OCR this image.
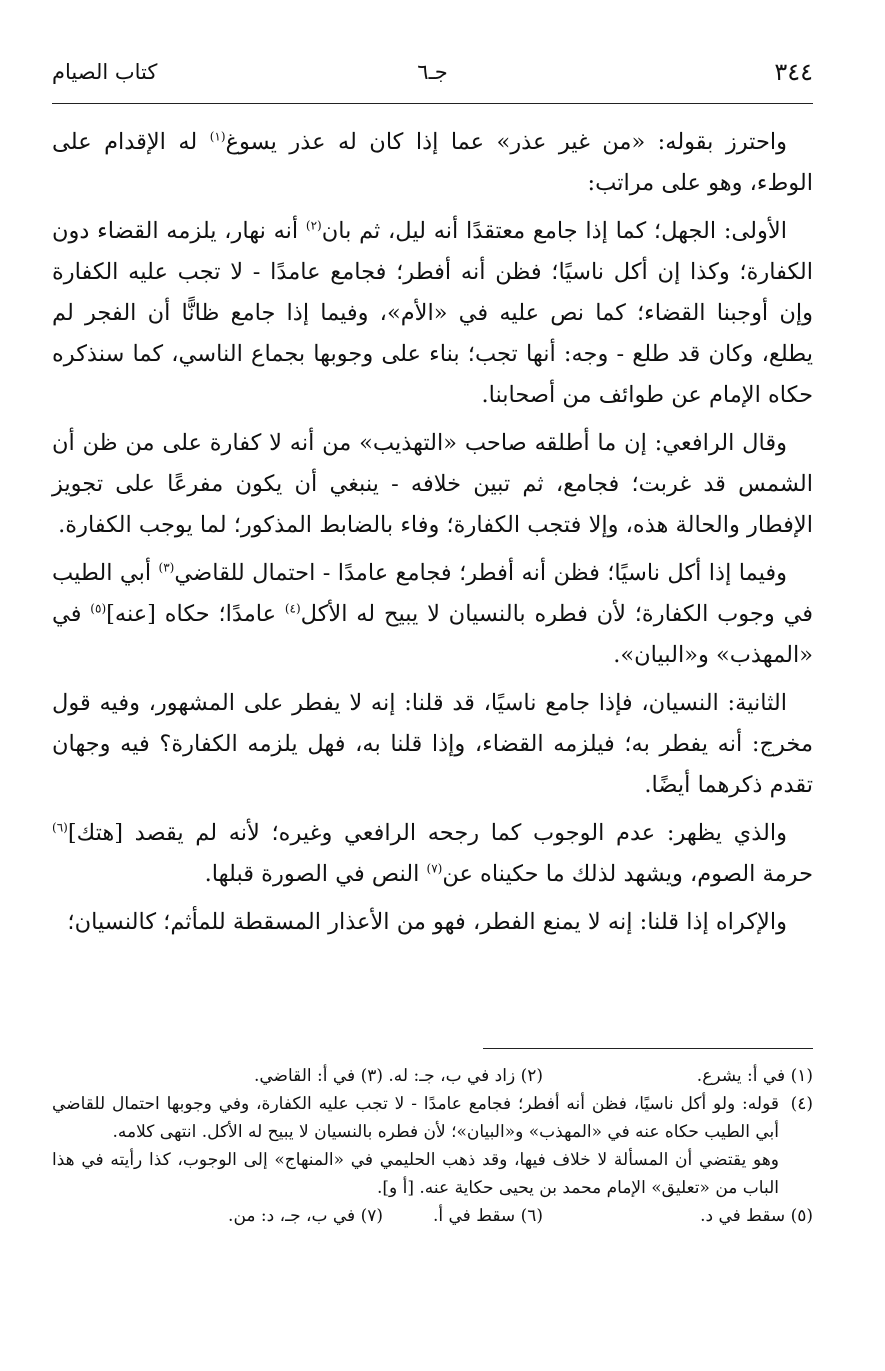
٣٤٤
جـ٦
كتاب الصيام

واحترز بقوله: «من غير عذر» عما إذا كان له عذر يسوغ$^{(١)}$ له الإقدام على الوطء، وهو على مراتب:

الأولى: الجهل؛ كما إذا جامع معتقدًا أنه ليل، ثم بان$^{(٢)}$ أنه نهار، يلزمه القضاء دون الكفارة؛ وكذا إن أكل ناسيًا؛ فظن أنه أفطر؛ فجامع عامدًا - لا تجب عليه الكفارة وإن أوجبنا القضاء؛ كما نص عليه في «الأم»، وفيما إذا جامع ظانًّا أن الفجر لم يطلع، وكان قد طلع - وجه: أنها تجب؛ بناء على وجوبها بجماع الناسي، كما سنذكره حكاه الإمام عن طوائف من أصحابنا.

وقال الرافعي: إن ما أطلقه صاحب «التهذيب» من أنه لا كفارة على من ظن أن الشمس قد غربت؛ فجامع، ثم تبين خلافه - ينبغي أن يكون مفرعًا على تجويز الإفطار والحالة هذه، وإلا فتجب الكفارة؛ وفاء بالضابط المذكور؛ لما يوجب الكفارة.

وفيما إذا أكل ناسيًا؛ فظن أنه أفطر؛ فجامع عامدًا - احتمال للقاضي$^{(٣)}$ أبي الطيب في وجوب الكفارة؛ لأن فطره بالنسيان لا يبيح له الأكل$^{(٤)}$ عامدًا؛ حكاه [عنه]$^{(٥)}$ في «المهذب» و«البيان».

الثانية: النسيان، فإذا جامع ناسيًا، قد قلنا: إنه لا يفطر على المشهور، وفيه قول مخرج: أنه يفطر به؛ فيلزمه القضاء، وإذا قلنا به، فهل يلزمه الكفارة؟ فيه وجهان تقدم ذكرهما أيضًا.

والذي يظهر: عدم الوجوب كما رجحه الرافعي وغيره؛ لأنه لم يقصد [هتك]$^{(٦)}$ حرمة الصوم، ويشهد لذلك ما حكيناه عن$^{(٧)}$ النص في الصورة قبلها.

والإكراه إذا قلنا: إنه لا يمنع الفطر، فهو من الأعذار المسقطة للمأثم؛ كالنسيان؛

(١) في أ: يشرع.
(٢) زاد في ب، جـ: له.
(٣) في أ: القاضي.
(٤)

قوله: ولو أكل ناسيًا، فظن أنه أفطر؛ فجامع عامدًا - لا تجب عليه الكفارة، وفي وجوبها احتمال للقاضي أبي الطيب حكاه عنه في «المهذب» و«البيان»؛ لأن فطره بالنسيان لا يبيح له الأكل. انتهى كلامه.

وهو يقتضي أن المسألة لا خلاف فيها، وقد ذهب الحليمي في «المنهاج» إلى الوجوب، كذا رأيته في هذا الباب من «تعليق» الإمام محمد بن يحيى حكاية عنه. [أ و].

(٥) سقط في د.
(٦) سقط في أ.
(٧) في ب، جـ، د: من.
